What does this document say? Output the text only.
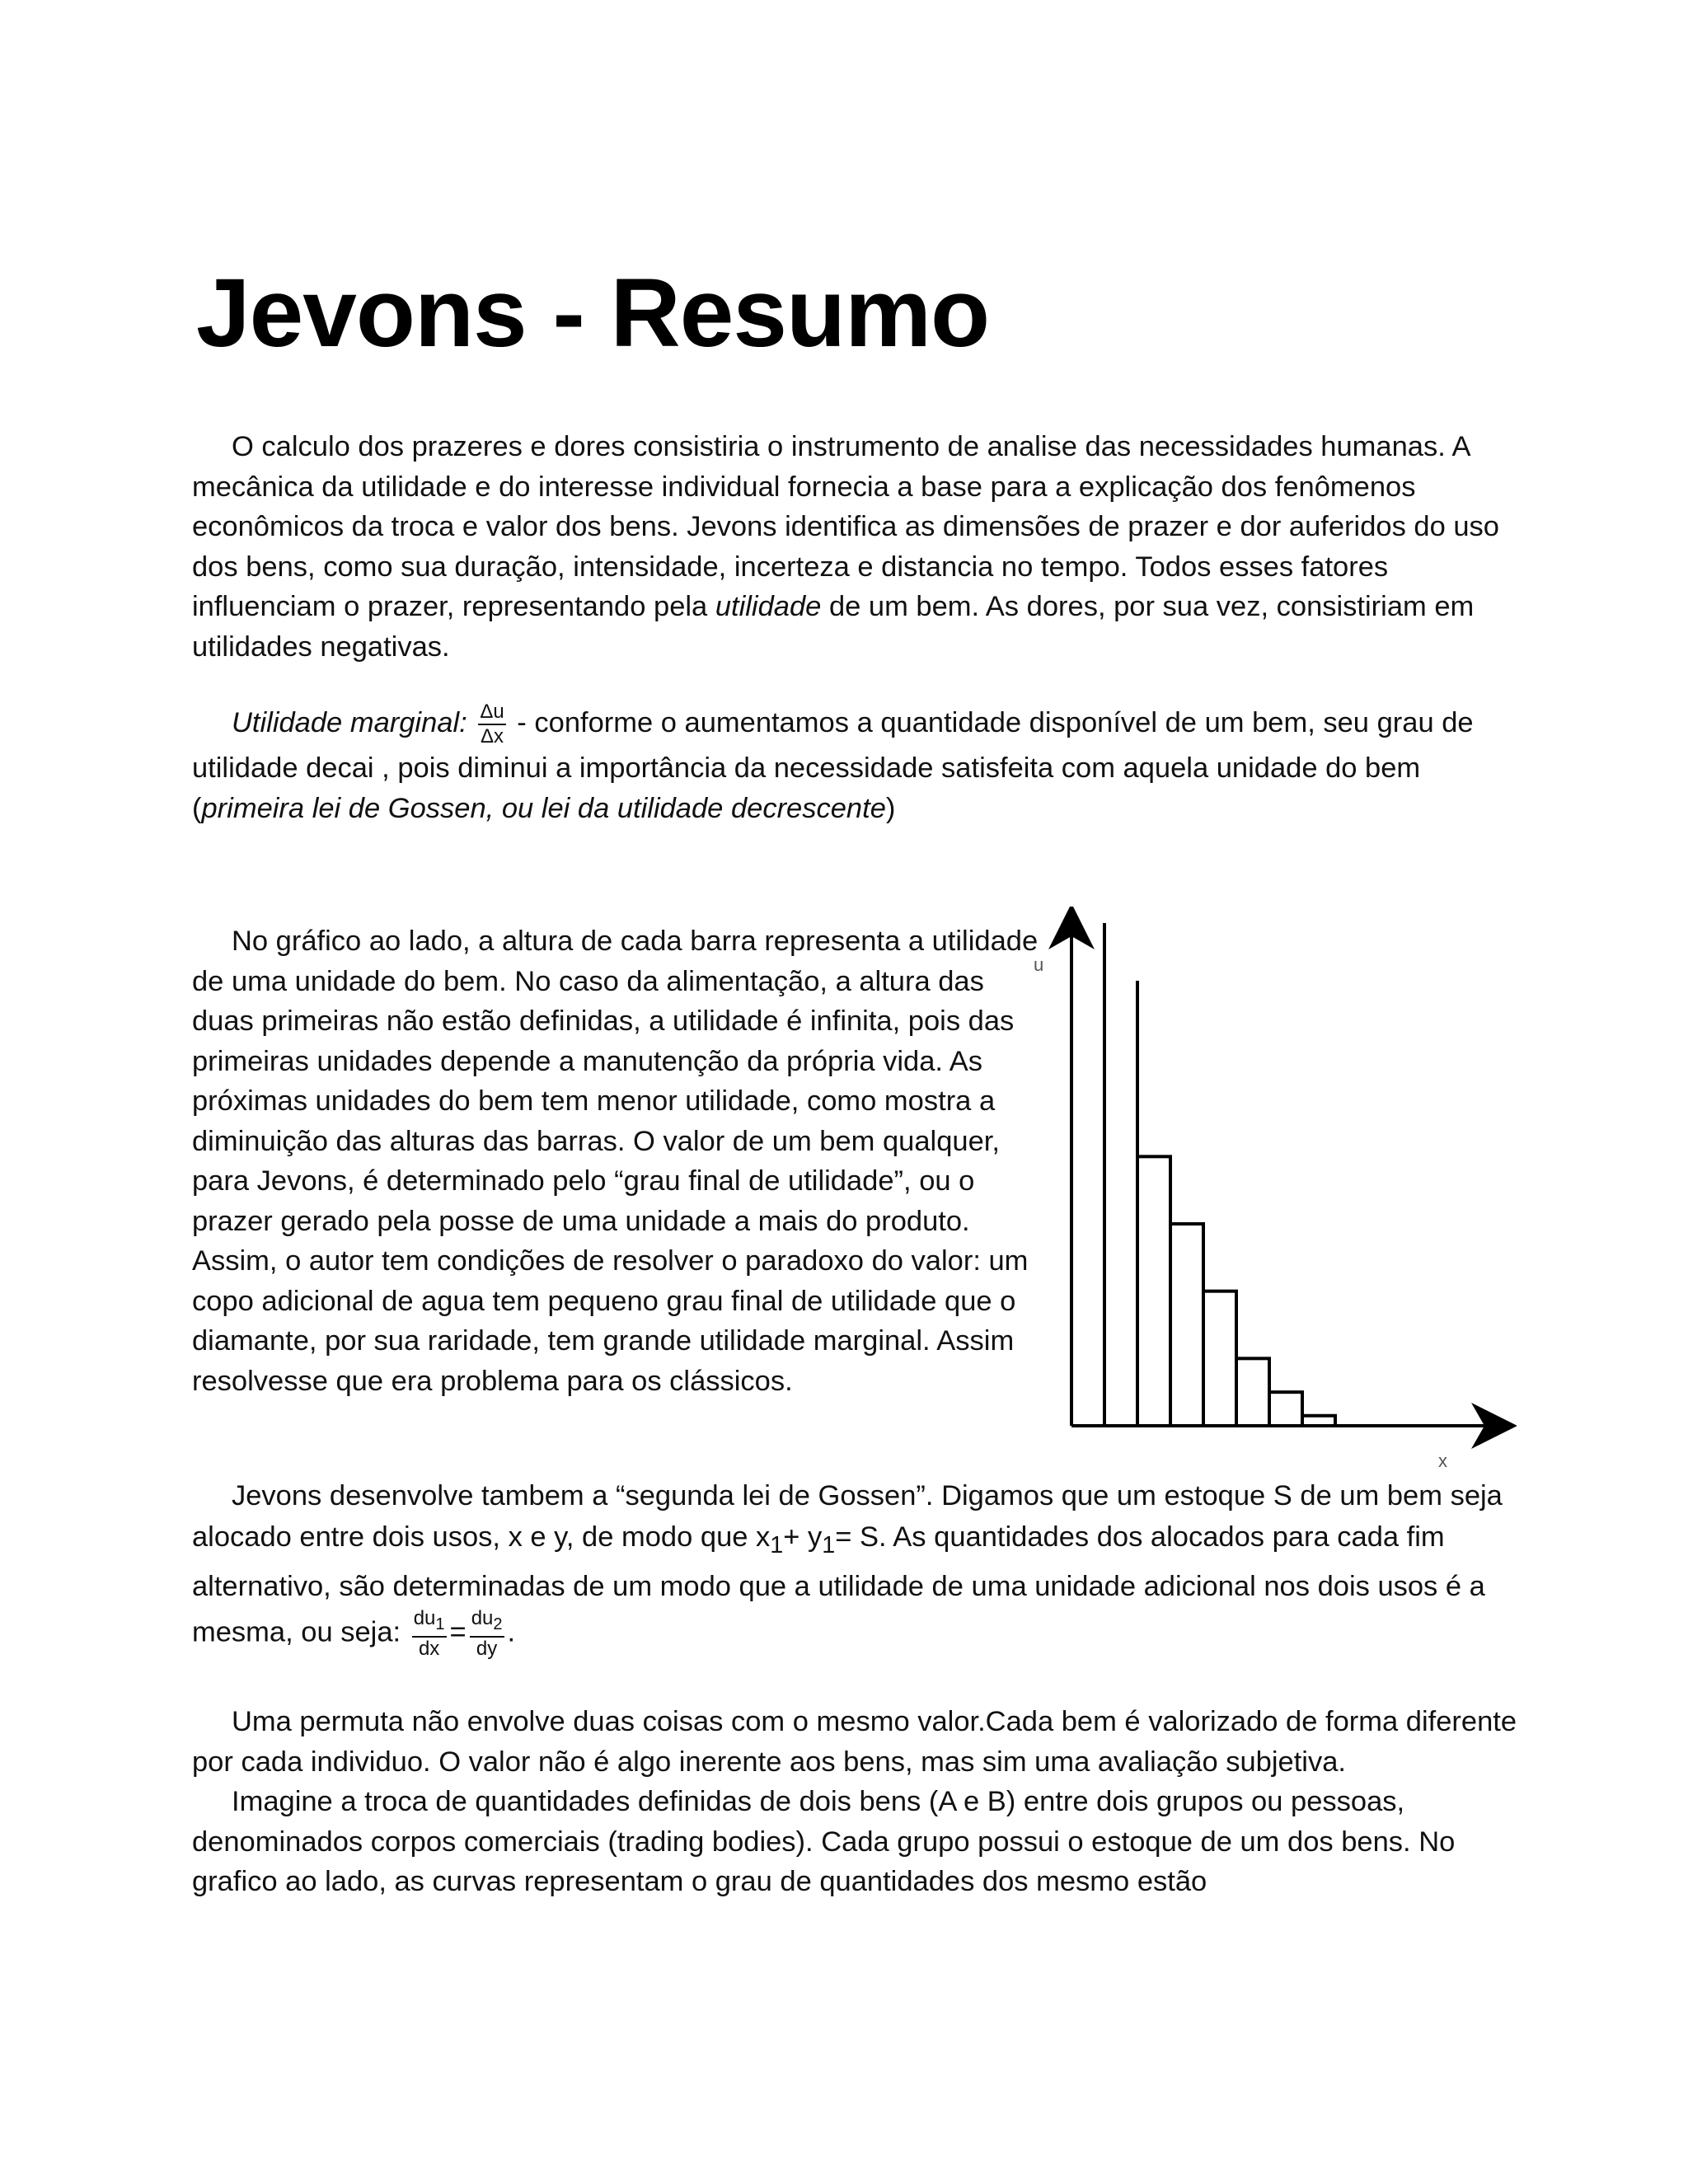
Jevons - Resumo

O calculo dos prazeres e dores consistiria o instrumento de analise das necessidades humanas. A mecânica da utilidade e do interesse individual fornecia a base para a explicação dos fenômenos econômicos da troca e valor dos bens. Jevons identifica as dimensões de prazer e dor auferidos do uso dos bens, como sua duração, intensidade, incerteza e distancia no tempo. Todos esses fatores influenciam o prazer, representando pela utilidade de um bem. As dores, por sua vez, consistiriam em utilidades negativas.

Utilidade marginal: $\frac{\Delta u}{\Delta x}$ - conforme o aumentamos a quantidade disponível de um bem, seu grau de utilidade decai , pois diminui a importância da necessidade satisfeita com aquela unidade do bem (primeira lei de Gossen, ou lei da utilidade decrescente)

No gráfico ao lado, a altura de cada barra representa a utilidade de uma unidade do bem. No caso da alimentação, a altura das duas primeiras não estão definidas, a utilidade é infinita, pois das primeiras unidades depende a manutenção da própria vida. As próximas unidades do bem tem menor utilidade, como mostra a diminuição das alturas das barras. O valor de um bem qualquer, para Jevons, é determinado pelo “grau final de utilidade”, ou o prazer gerado pela posse de uma unidade a mais do produto. Assim, o autor tem condições de resolver o paradoxo do valor: um copo adicional de agua tem pequeno grau final de utilidade que o diamante, por sua raridade, tem grande utilidade marginal. Assim resolvesse que era problema para os clássicos.

Jevons desenvolve tambem a “segunda lei de Gossen”. Digamos que um estoque S de um bem seja alocado entre dois usos, x e y, de modo que $x_1+ y_1= S$. As quantidades dos alocados para cada fim alternativo, são determinadas de um modo que a utilidade de uma unidade adicional nos dois usos é a mesma, ou seja: $\frac{du_1}{dx} = \frac{du_2}{dy}$ .

Uma permuta não envolve duas coisas com o mesmo valor.Cada bem é valorizado de forma diferente por cada individuo. O valor não é algo inerente aos bens, mas sim uma avaliação subjetiva.
Imagine a troca de quantidades definidas de dois bens (A e B) entre dois grupos ou pessoas, denominados corpos comerciais (trading bodies). Cada grupo possui o estoque de um dos bens. No grafico ao lado, as curvas representam o grau de quantidades dos mesmo estão
u
x
